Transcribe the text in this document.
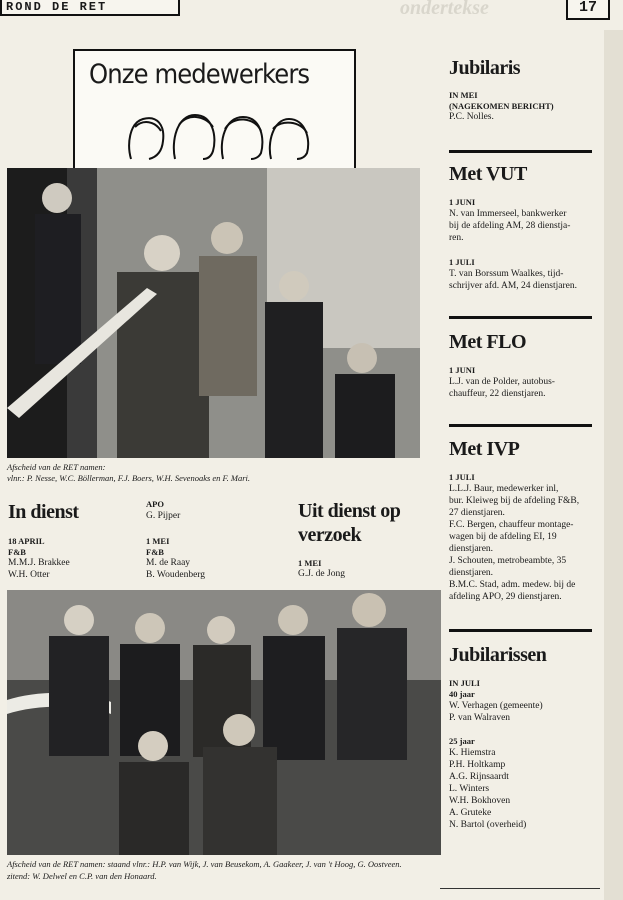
ROND DE RET	ondertekse	17
Onze medewerkers
Afscheid van de RET namen:
vlnr.: P. Nesse, W.C. Böllerman, F.J. Boers, W.H. Sevenoaks en F. Mari.
In dienst
18 APRIL
F&B
M.M.J. Brakkee
W.H. Otter
APO
G. Pijper
1 MEI
F&B
M. de Raay
B. Woudenberg
Uit dienst op
verzoek
1 MEI
G.J. de Jong
Afscheid van de RET namen: staand vlnr.: H.P. van Wijk, J. van Beusekom, A. Gaakeer, J. van 't Hoog, G. Oostveen.
zitend: W. Delwel en C.P. van den Honaard.
Jubilaris
IN MEI
(NAGEKOMEN BERICHT)
P.C. Nolles.
Met VUT
1 JUNI
N. van Immerseel, bankwerker
bij de afdeling AM, 28 dienstja-
ren.
1 JULI
T. van Borssum Waalkes, tijd-
schrijver afd. AM, 24 dienstjaren.
Met FLO
1 JUNI
L.J. van de Polder, autobus-
chauffeur, 22 dienstjaren.
Met IVP
1 JULI
L.L.J. Baur, medewerker inl,
bur. Kleiweg bij de afdeling F&B,
27 dienstjaren.
F.C. Bergen, chauffeur montage-
wagen bij de afdeling EI, 19
dienstjaren.
J. Schouten, metrobeambte, 35
dienstjaren.
B.M.C. Stad, adm. medew. bij de
afdeling APO, 29 dienstjaren.
Jubilarissen
IN JULI
40 jaar
W. Verhagen (gemeente)
P. van Walraven
25 jaar
K. Hiemstra
P.H. Holtkamp
A.G. Rijnsaardt
L. Winters
W.H. Bokhoven
A. Gruteke
N. Bartol (overheid)
